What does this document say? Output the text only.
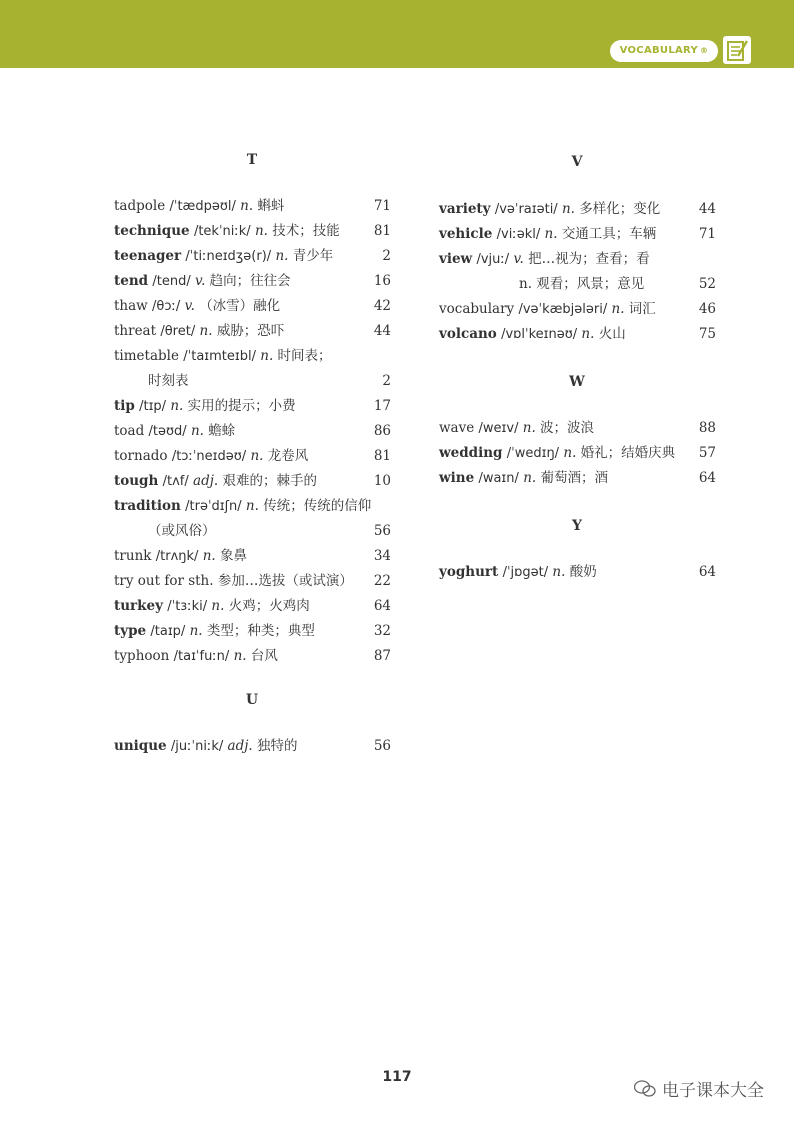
VOCABULARY ®
T
tadpole /ˈtædpəʊl/ n. 蝌蚪	71
technique /tekˈniːk/ n. 技术；技能	81
teenager /ˈtiːneɪdʒə(r)/ n. 青少年	2
tend /tend/ v. 趋向；往往会	16
thaw /θɔː/ v. （冰雪）融化	42
threat /θret/ n. 威胁；恐吓	44
timetable /ˈtaɪmteɪbl/ n. 时间表；
时刻表	2
tip /tɪp/ n. 实用的提示；小费	17
toad /təʊd/ n. 蟾蜍	86
tornado /tɔːˈneɪdəʊ/ n. 龙卷风	81
tough /tʌf/ adj. 艰难的；棘手的	10
tradition /trəˈdɪʃn/ n. 传统；传统的信仰
（或风俗）	56
trunk /trʌŋk/ n. 象鼻	34
try out for sth. 参加…选拔（或试演）	22
turkey /ˈtɜːki/ n. 火鸡；火鸡肉	64
type /taɪp/ n. 类型；种类；典型	32
typhoon /taɪˈfuːn/ n. 台风	87
U
unique /juːˈniːk/ adj. 独特的	56
V
variety /vəˈraɪəti/ n. 多样化；变化	44
vehicle /viːəkl/ n. 交通工具；车辆	71
view /vjuː/ v. 把…视为；查看；看
n. 观看；风景；意见	52
vocabulary /vəˈkæbjələri/ n. 词汇	46
volcano /vɒlˈkeɪnəʊ/ n. 火山	75
W
wave /weɪv/ n. 波；波浪	88
wedding /ˈwedɪŋ/ n. 婚礼；结婚庆典	57
wine /waɪn/ n. 葡萄酒；酒	64
Y
yoghurt /ˈjɒgət/ n. 酸奶	64
117
电子课本大全
